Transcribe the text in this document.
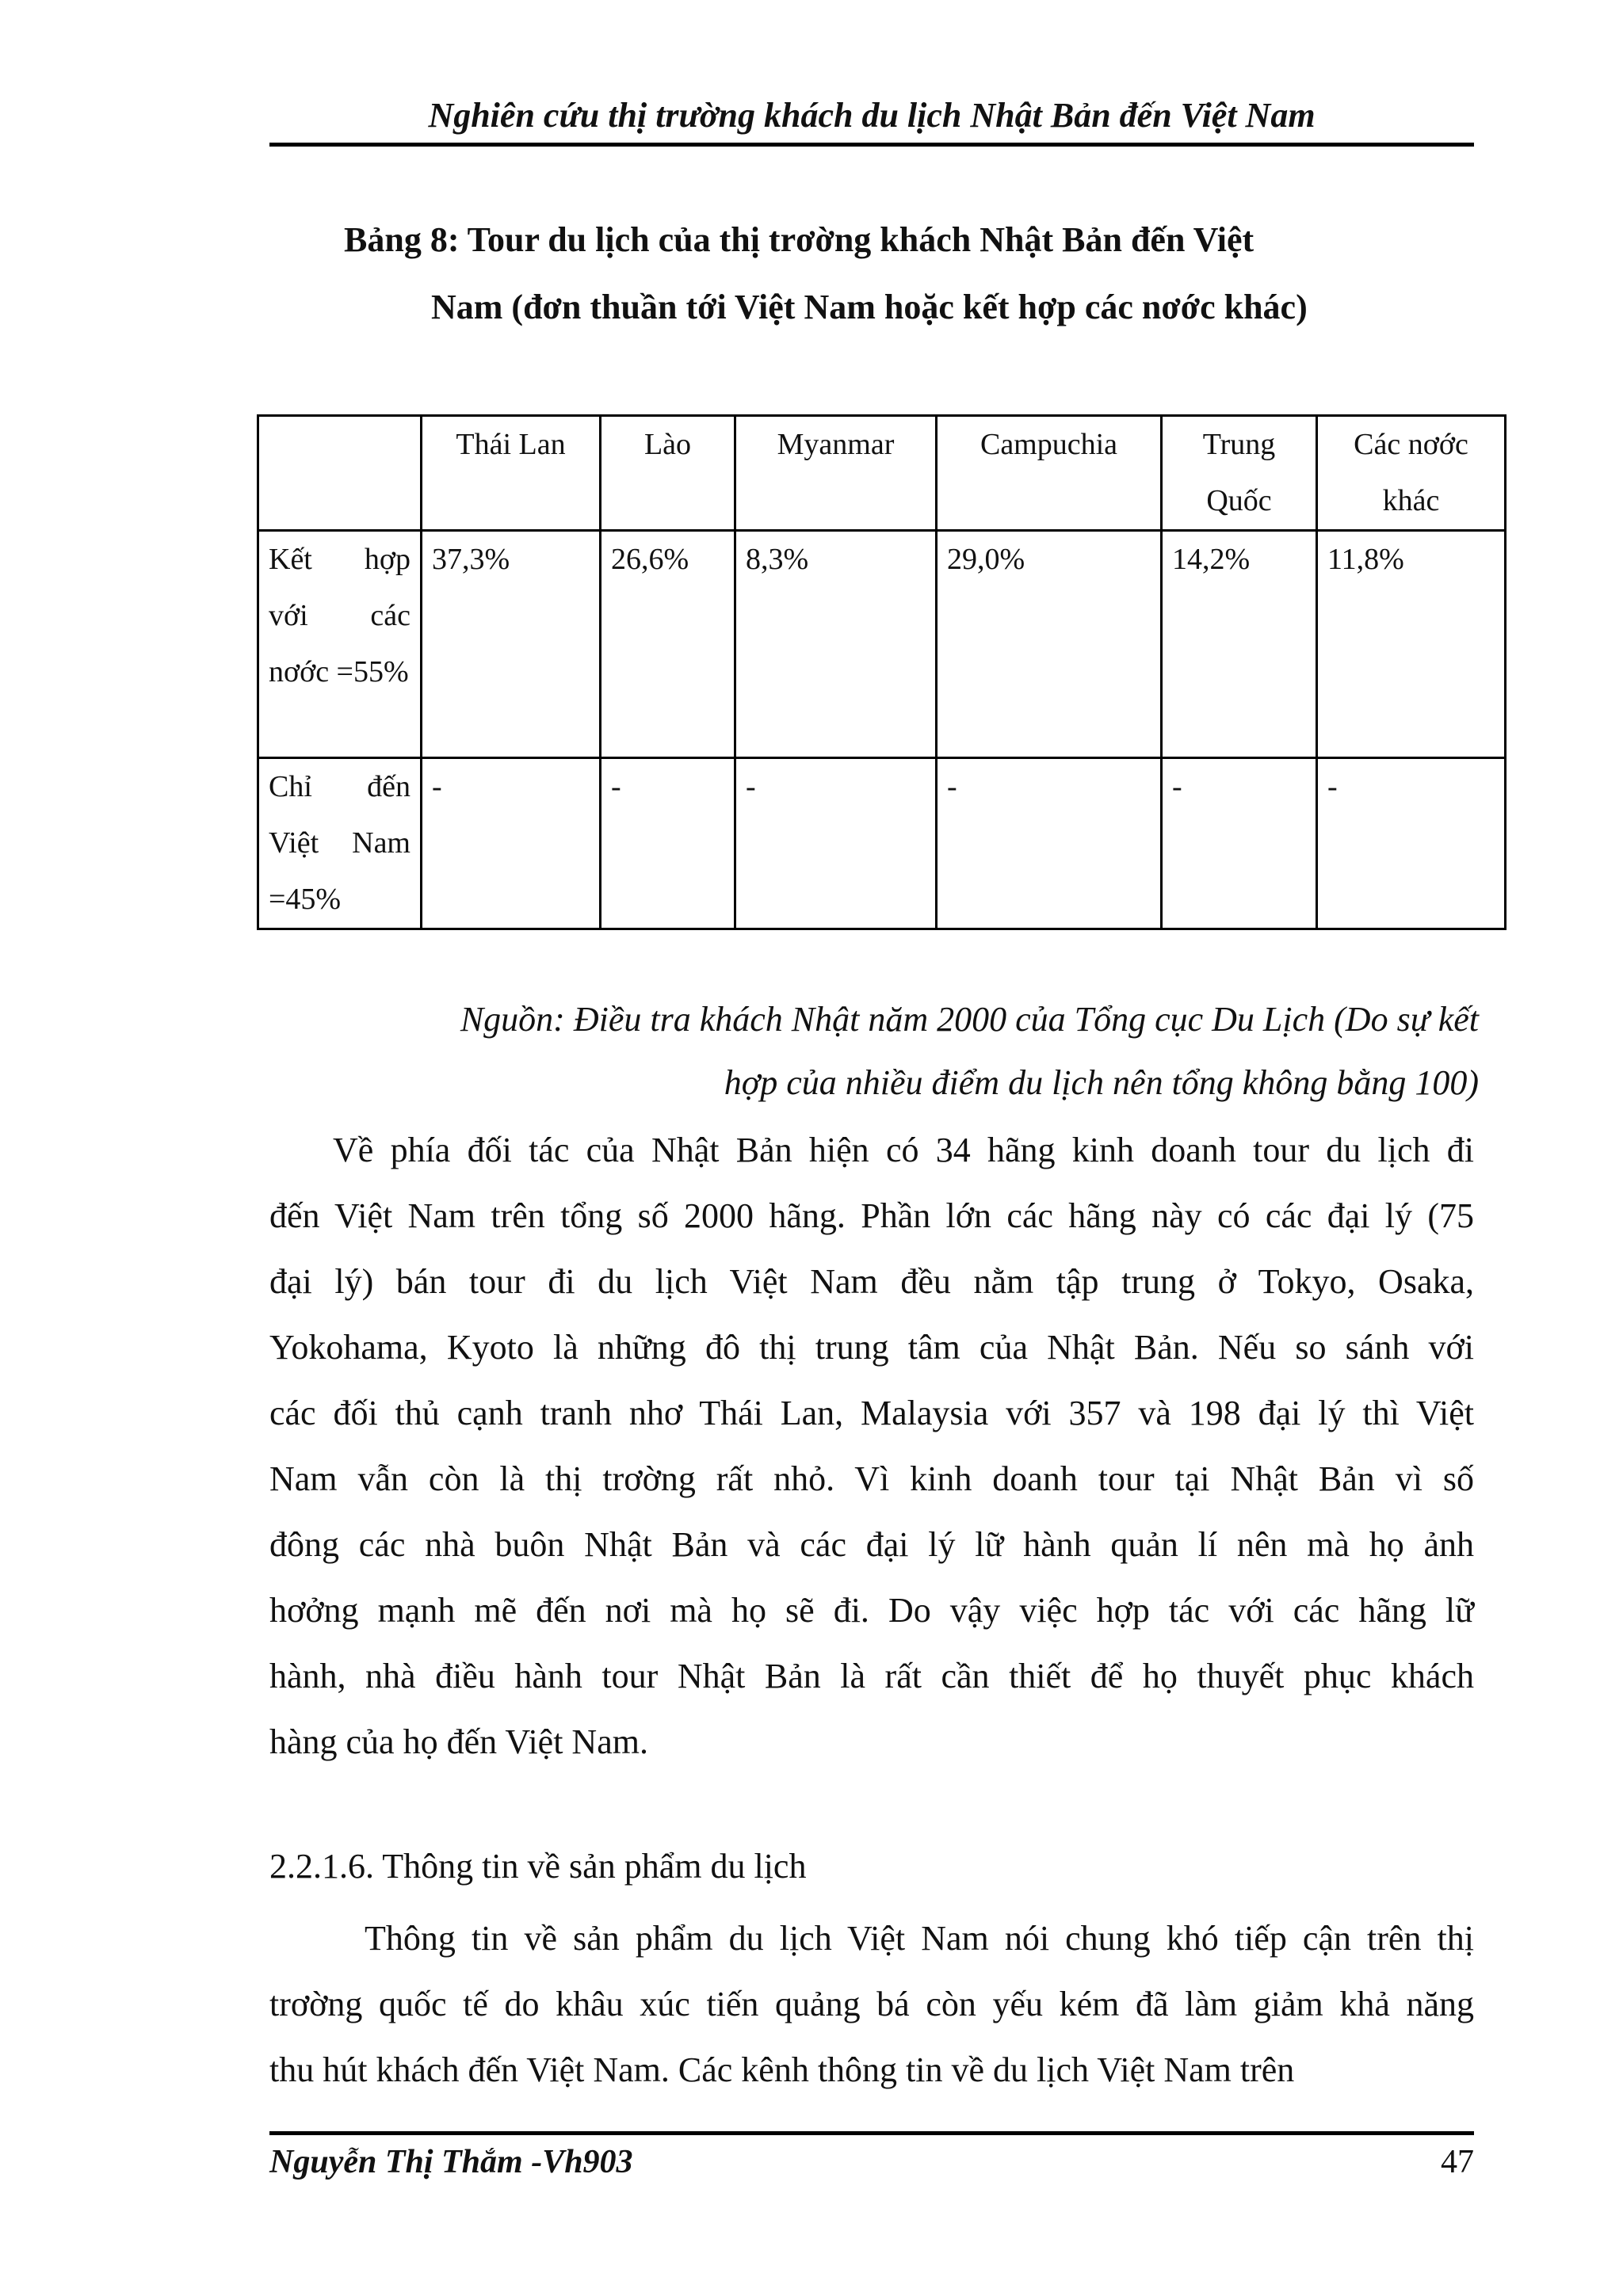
Nghiên cứu thị trường khách du lịch Nhật Bản đến Việt Nam
Bảng 8: Tour du lịch của thị trơờng khách Nhật Bản đến Việt
Nam (đơn thuần tới Việt Nam hoặc kết hợp các nơớc khác)
	Thái Lan	Lào	Myanmar	Campuchia	Trung Quốc	Các nơớc khác
Kết hợp với các nơớc =55%	37,3%	26,6%	8,3%	29,0%	14,2%	11,8%
Chỉ đến Việt Nam =45%	-	-	-	-	-	-
Nguồn: Điều tra khách Nhật năm 2000 của Tổng cục Du Lịch (Do sự kết
hợp của nhiều điểm du lịch nên tổng không bằng 100)
Về phía đối tác của Nhật Bản hiện có 34 hãng kinh doanh tour du lịch đi
đến Việt Nam trên tổng số 2000 hãng. Phần lớn các hãng này có các đại lý (75
đại lý) bán tour đi du lịch Việt Nam đều nằm tập trung ở Tokyo, Osaka,
Yokohama, Kyoto là những đô thị trung tâm của Nhật Bản. Nếu so sánh với
các đối thủ cạnh tranh nhơ Thái Lan, Malaysia với 357 và 198 đại lý thì Việt
Nam vẫn còn là thị trơờng rất nhỏ. Vì kinh doanh tour tại Nhật Bản vì số
đông các nhà buôn Nhật Bản và các đại lý lữ hành quản lí nên mà họ ảnh
hơởng mạnh mẽ đến nơi mà họ sẽ đi. Do vậy việc hợp tác với các hãng lữ
hành, nhà điều hành tour Nhật Bản là rất cần thiết để họ thuyết phục khách
hàng của họ đến Việt Nam.
2.2.1.6. Thông tin về sản phẩm du lịch
Thông tin về sản phẩm du lịch Việt Nam nói chung khó tiếp cận trên thị
trơờng quốc tế do khâu xúc tiến quảng bá còn yếu kém đã làm giảm khả năng
thu hút khách đến Việt Nam. Các kênh thông tin về du lịch Việt Nam trên
Nguyễn Thị Thắm -Vh903	47
